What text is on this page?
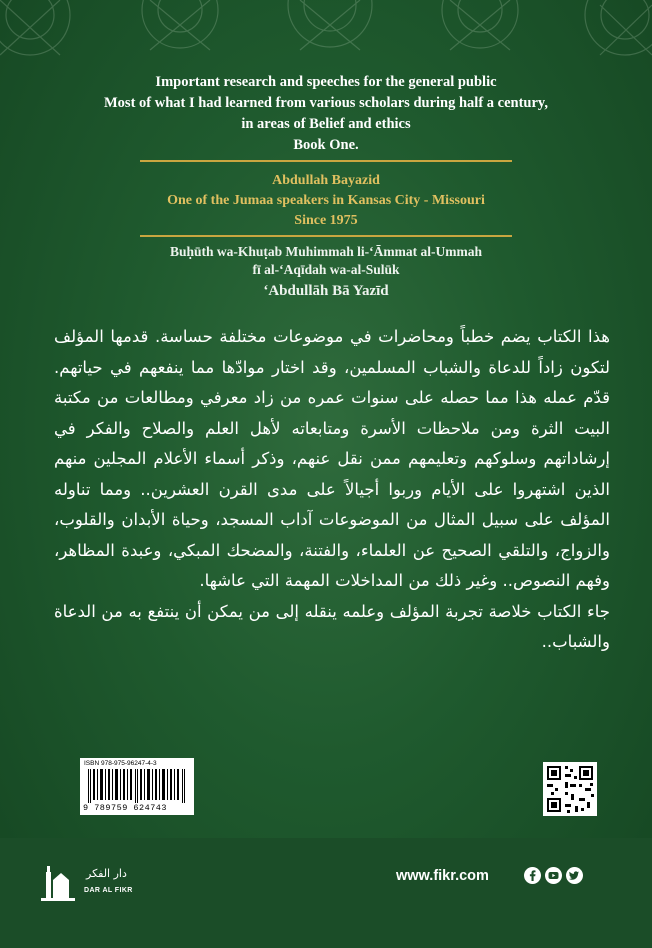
Important research and speeches for the general public
Most of what I had learned from various scholars during half a century,
in areas of Belief and ethics
Book One.
Abdullah Bayazid
One of the Jumaa speakers in Kansas City - Missouri
Since 1975
Buḥūth wa-Khuṭab Muhimmah li-ʻĀmmat al-Ummah
fī al-ʻAqīdah wa-al-Sulūk
ʻAbdullāh Bā Yazīd

هذا الكتاب يضم خطباً ومحاضرات في موضوعات مختلفة حساسة. قدمها المؤلف لتكون زاداً للدعاة والشباب المسلمين، وقد اختار موادّها مما ينفعهم في حياتهم. قدّم عمله هذا مما حصله على سنوات عمره من زاد معرفي ومطالعات من مكتبة البيت الثرة ومن ملاحظات الأسرة ومتابعاته لأهل العلم والصلاح والفكر في إرشاداتهم وسلوكهم وتعليمهم ممن نقل عنهم، وذكر أسماء الأعلام المجلين منهم الذين اشتهروا على الأيام وربوا أجيالاً على مدى القرن العشرين.. ومما تناوله المؤلف على سبيل المثال من الموضوعات آداب المسجد، وحياة الأبدان والقلوب، والزواج، والتلقي الصحيح عن العلماء، والفتنة، والمضحك المبكي، وعبدة المظاهر، وفهم النصوص.. وغير ذلك من المداخلات المهمة التي عاشها.

جاء الكتاب خلاصة تجربة المؤلف وعلمه ينقله إلى من يمكن أن ينتفع به من الدعاة والشباب..

ISBN 978-975-96247-4-3
9 789759 624743
دار الفكر
DAR AL FIKR
www.fikr.com
